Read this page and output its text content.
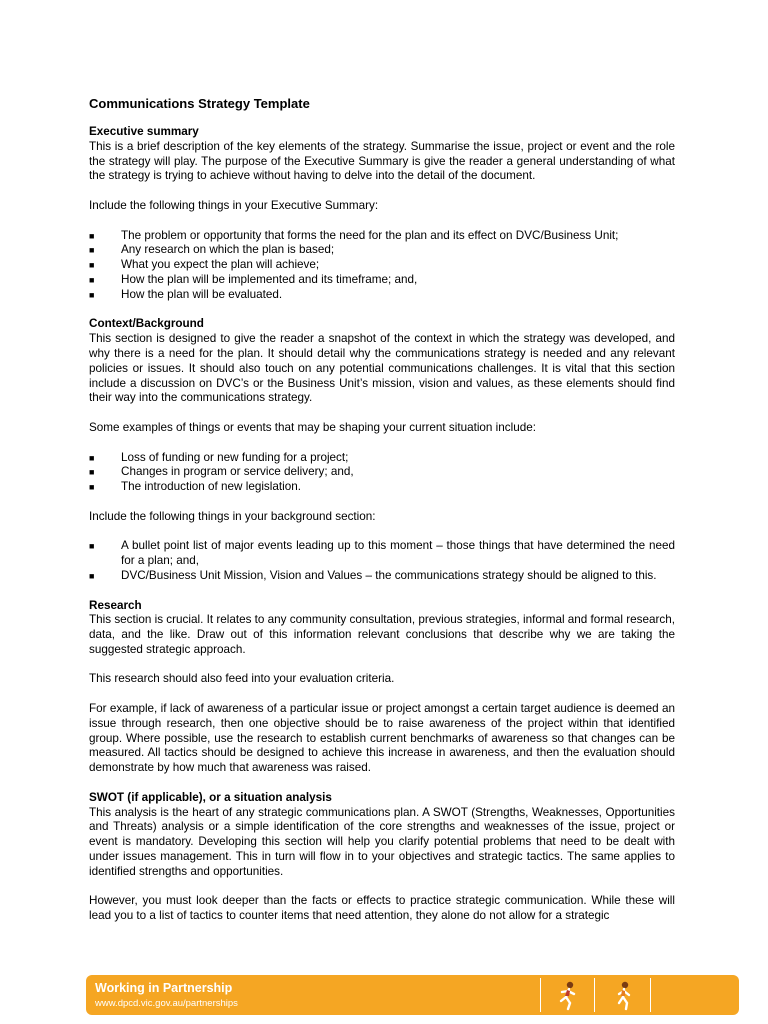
Communications Strategy Template
Executive summary
This is a brief description of the key elements of the strategy. Summarise the issue, project or event and the role the strategy will play. The purpose of the Executive Summary is give the reader a general understanding of what the strategy is trying to achieve without having to delve into the detail of the document.
Include the following things in your Executive Summary:
■	The problem or opportunity that forms the need for the plan and its effect on DVC/Business Unit;
■	Any research on which the plan is based;
■	What you expect the plan will achieve;
■	How the plan will be implemented and its timeframe; and,
■	How the plan will be evaluated.
Context/Background
This section is designed to give the reader a snapshot of the context in which the strategy was developed, and why there is a need for the plan. It should detail why the communications strategy is needed and any relevant policies or issues. It should also touch on any potential communications challenges. It is vital that this section include a discussion on DVC’s or the Business Unit’s mission, vision and values, as these elements should find their way into the communications strategy.
Some examples of things or events that may be shaping your current situation include:
■	Loss of funding or new funding for a project;
■	Changes in program or service delivery; and,
■	The introduction of new legislation.
Include the following things in your background section:
■	A bullet point list of major events leading up to this moment – those things that have determined the need for a plan; and,
■	DVC/Business Unit Mission, Vision and Values – the communications strategy should be aligned to this.
Research
This section is crucial. It relates to any community consultation, previous strategies, informal and formal research, data, and the like. Draw out of this information relevant conclusions that describe why we are taking the suggested strategic approach.
This research should also feed into your evaluation criteria.
For example, if lack of awareness of a particular issue or project amongst a certain target audience is deemed an issue through research, then one objective should be to raise awareness of the project within that identified group. Where possible, use the research to establish current benchmarks of awareness so that changes can be measured. All tactics should be designed to achieve this increase in awareness, and then the evaluation should demonstrate by how much that awareness was raised.
SWOT (if applicable), or a situation analysis
This analysis is the heart of any strategic communications plan. A SWOT (Strengths, Weaknesses, Opportunities and Threats) analysis or a simple identification of the core strengths and weaknesses of the issue, project or event is mandatory. Developing this section will help you clarify potential problems that need to be dealt with under issues management. This in turn will flow in to your objectives and strategic tactics. The same applies to identified strengths and opportunities.
However, you must look deeper than the facts or effects to practice strategic communication. While these will lead you to a list of tactics to counter items that need attention, they alone do not allow for a strategic
Working in Partnership
www.dpcd.vic.gov.au/partnerships
